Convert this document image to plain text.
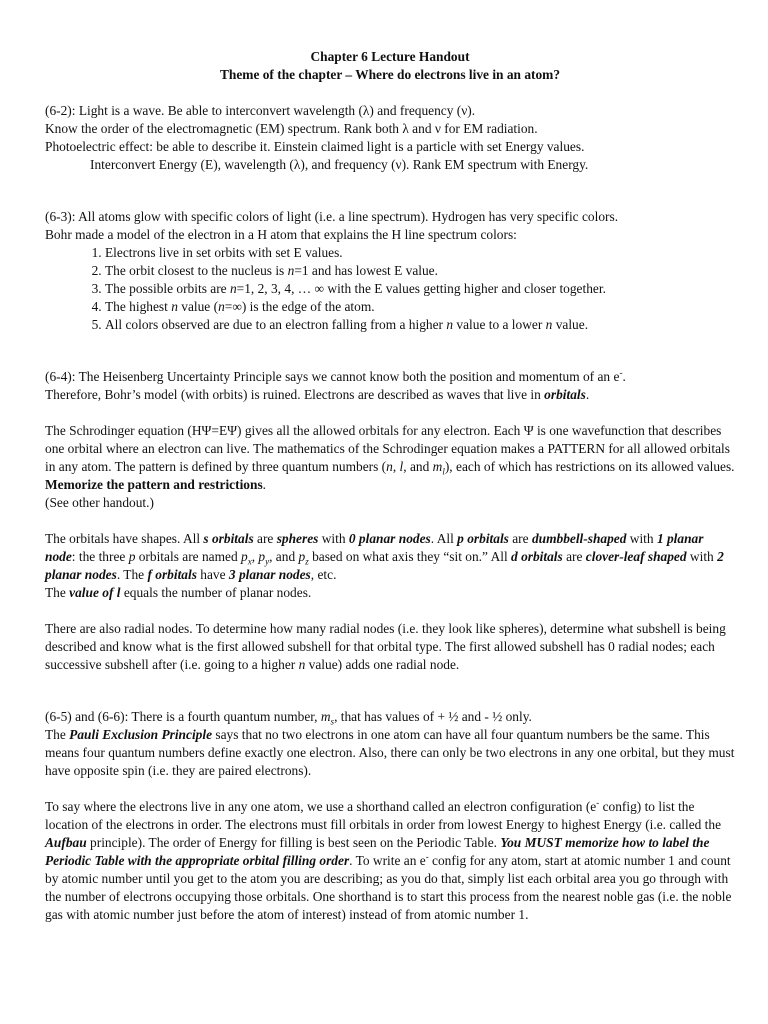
Chapter 6 Lecture Handout

Theme of the chapter – Where do electrons live in an atom?

(6-2): Light is a wave. Be able to interconvert wavelength (λ) and frequency (ν).

Know the order of the electromagnetic (EM) spectrum. Rank both λ and ν for EM radiation.

Photoelectric effect: be able to describe it. Einstein claimed light is a particle with set Energy values.

Interconvert Energy (E), wavelength (λ), and frequency (ν). Rank EM spectrum with Energy.

(6-3): All atoms glow with specific colors of light (i.e. a line spectrum). Hydrogen has very specific colors.

Bohr made a model of the electron in a H atom that explains the H line spectrum colors:

1. Electrons live in set orbits with set E values.
2. The orbit closest to the nucleus is n=1 and has lowest E value.
3. The possible orbits are n=1, 2, 3, 4, … ∞ with the E values getting higher and closer together.
4. The highest n value (n=∞) is the edge of the atom.
5. All colors observed are due to an electron falling from a higher n value to a lower n value.

(6-4): The Heisenberg Uncertainty Principle says we cannot know both the position and momentum of an e-.
Therefore, Bohr’s model (with orbits) is ruined. Electrons are described as waves that live in orbitals.

The Schrodinger equation (HΨ=EΨ) gives all the allowed orbitals for any electron. Each Ψ is one wavefunction that describes one orbital where an electron can live. The mathematics of the Schrodinger equation makes a PATTERN for all allowed orbitals in any atom. The pattern is defined by three quantum numbers (n, l, and $m_l$), each of which has restrictions on its allowed values. Memorize the pattern and restrictions.
(See other handout.)

The orbitals have shapes. All s orbitals are spheres with 0 planar nodes. All p orbitals are dumbbell-shaped with 1 planar node: the three p orbitals are named $p_x$, $p_y$, and $p_z$ based on what axis they “sit on.” All d orbitals are clover-leaf shaped with 2 planar nodes. The f orbitals have 3 planar nodes, etc.
The value of l equals the number of planar nodes.

There are also radial nodes. To determine how many radial nodes (i.e. they look like spheres), determine what subshell is being described and know what is the first allowed subshell for that orbital type. The first allowed subshell has 0 radial nodes; each successive subshell after (i.e. going to a higher n value) adds one radial node.

(6-5) and (6-6): There is a fourth quantum number, $m_s$, that has values of + ½ and - ½ only.
The Pauli Exclusion Principle says that no two electrons in one atom can have all four quantum numbers be the same. This means four quantum numbers define exactly one electron. Also, there can only be two electrons in any one orbital, but they must have opposite spin (i.e. they are paired electrons).

To say where the electrons live in any one atom, we use a shorthand called an electron configuration (e- config) to list the location of the electrons in order. The electrons must fill orbitals in order from lowest Energy to highest Energy (i.e. called the Aufbau principle). The order of Energy for filling is best seen on the Periodic Table. You MUST memorize how to label the Periodic Table with the appropriate orbital filling order. To write an e- config for any atom, start at atomic number 1 and count by atomic number until you get to the atom you are describing; as you do that, simply list each orbital area you go through with the number of electrons occupying those orbitals. One shorthand is to start this process from the nearest noble gas (i.e. the noble gas with atomic number just before the atom of interest) instead of from atomic number 1.
